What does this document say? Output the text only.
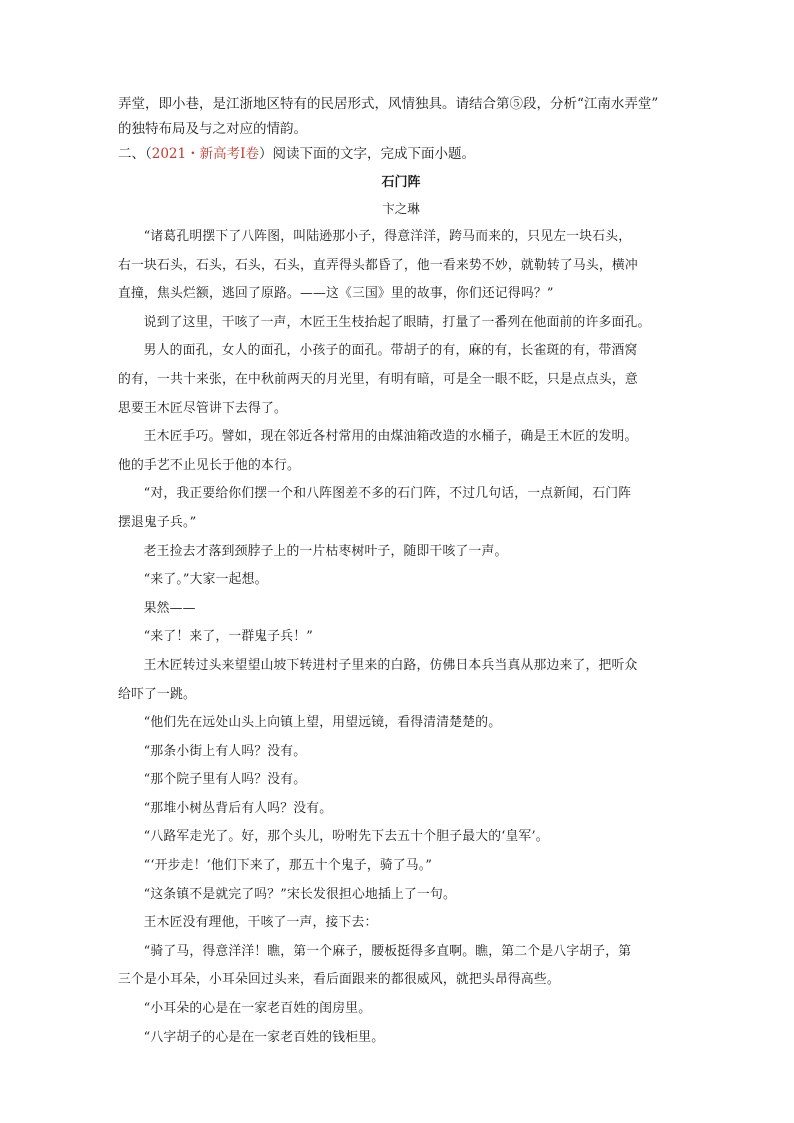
弄堂，即小巷，是江浙地区特有的民居形式，风情独具。请结合第⑤段，分析“江南水弄堂”
的独特布局及与之对应的情韵。

二、（2021・新高考Ⅰ卷）阅读下面的文字，完成下面小题。

石门阵
卞之琳

“诸葛孔明摆下了八阵图，叫陆逊那小子，得意洋洋，跨马而来的，只见左一块石头，
右一块石头，石头，石头，石头，直弄得头都昏了，他一看来势不妙，就勒转了马头，横冲
直撞，焦头烂额，逃回了原路。——这《三国》里的故事，你们还记得吗？”

说到了这里，干咳了一声，木匠王生枝抬起了眼睛，打量了一番列在他面前的许多面孔。

男人的面孔，女人的面孔，小孩子的面孔。带胡子的有，麻的有，长雀斑的有，带酒窝
的有，一共十来张，在中秋前两天的月光里，有明有暗，可是全一眼不眨，只是点点头，意
思要王木匠尽管讲下去得了。

王木匠手巧。譬如，现在邻近各村常用的由煤油箱改造的水桶子，确是王木匠的发明。
他的手艺不止见长于他的本行。

“对，我正要给你们摆一个和八阵图差不多的石门阵，不过几句话，一点新闻，石门阵
摆退鬼子兵。”

老王捡去才落到颈脖子上的一片枯枣树叶子，随即干咳了一声。

“来了。”大家一起想。

果然——

“来了！来了，一群鬼子兵！”

王木匠转过头来望望山坡下转进村子里来的白路，仿佛日本兵当真从那边来了，把听众
给吓了一跳。

“他们先在远处山头上向镇上望，用望远镜，看得清清楚楚的。

“那条小街上有人吗？没有。

“那个院子里有人吗？没有。

“那堆小树丛背后有人吗？没有。

“八路军走光了。好，那个头儿，吩咐先下去五十个胆子最大的‘皇军’。

“‘开步走！’他们下来了，那五十个鬼子，骑了马。”

“这条镇不是就完了吗？”宋长发很担心地插上了一句。

王木匠没有理他，干咳了一声，接下去：

“骑了马，得意洋洋！瞧，第一个麻子，腰板挺得多直啊。瞧，第二个是八字胡子，第
三个是小耳朵，小耳朵回过头来，看后面跟来的都很威风，就把头昂得高些。

“小耳朵的心是在一家老百姓的闺房里。

“八字胡子的心是在一家老百姓的钱柜里。
